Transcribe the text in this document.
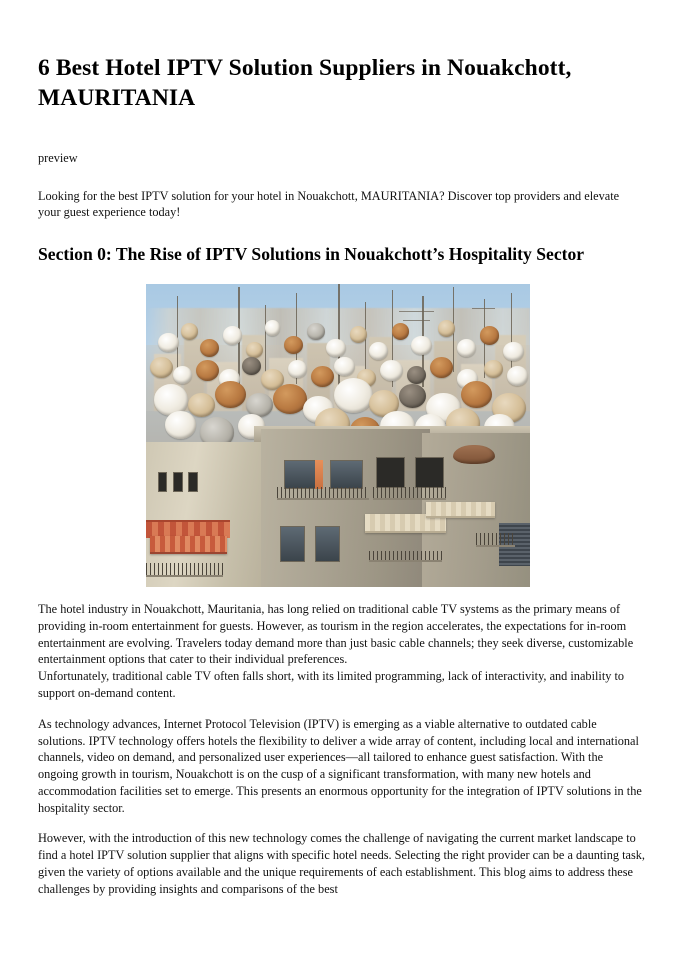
6 Best Hotel IPTV Solution Suppliers in Nouakchott, MAURITANIA

preview

Looking for the best IPTV solution for your hotel in Nouakchott, MAURITANIA? Discover top providers and elevate your guest experience today!

Section 0: The Rise of IPTV Solutions in Nouakchott’s Hospitality Sector

The hotel industry in Nouakchott, Mauritania, has long relied on traditional cable TV systems as the primary means of providing in-room entertainment for guests. However, as tourism in the region accelerates, the expectations for in-room entertainment are evolving. Travelers today demand more than just basic cable channels; they seek diverse, customizable entertainment options that cater to their individual preferences.

Unfortunately, traditional cable TV often falls short, with its limited programming, lack of interactivity, and inability to support on-demand content.

As technology advances, Internet Protocol Television (IPTV) is emerging as a viable alternative to outdated cable solutions. IPTV technology offers hotels the flexibility to deliver a wide array of content, including local and international channels, video on demand, and personalized user experiences—all tailored to enhance guest satisfaction. With the ongoing growth in tourism, Nouakchott is on the cusp of a significant transformation, with many new hotels and accommodation facilities set to emerge. This presents an enormous opportunity for the integration of IPTV solutions in the hospitality sector.

However, with the introduction of this new technology comes the challenge of navigating the current market landscape to find a hotel IPTV solution supplier that aligns with specific hotel needs. Selecting the right provider can be a daunting task, given the variety of options available and the unique requirements of each establishment. This blog aims to address these challenges by providing insights and comparisons of the best
